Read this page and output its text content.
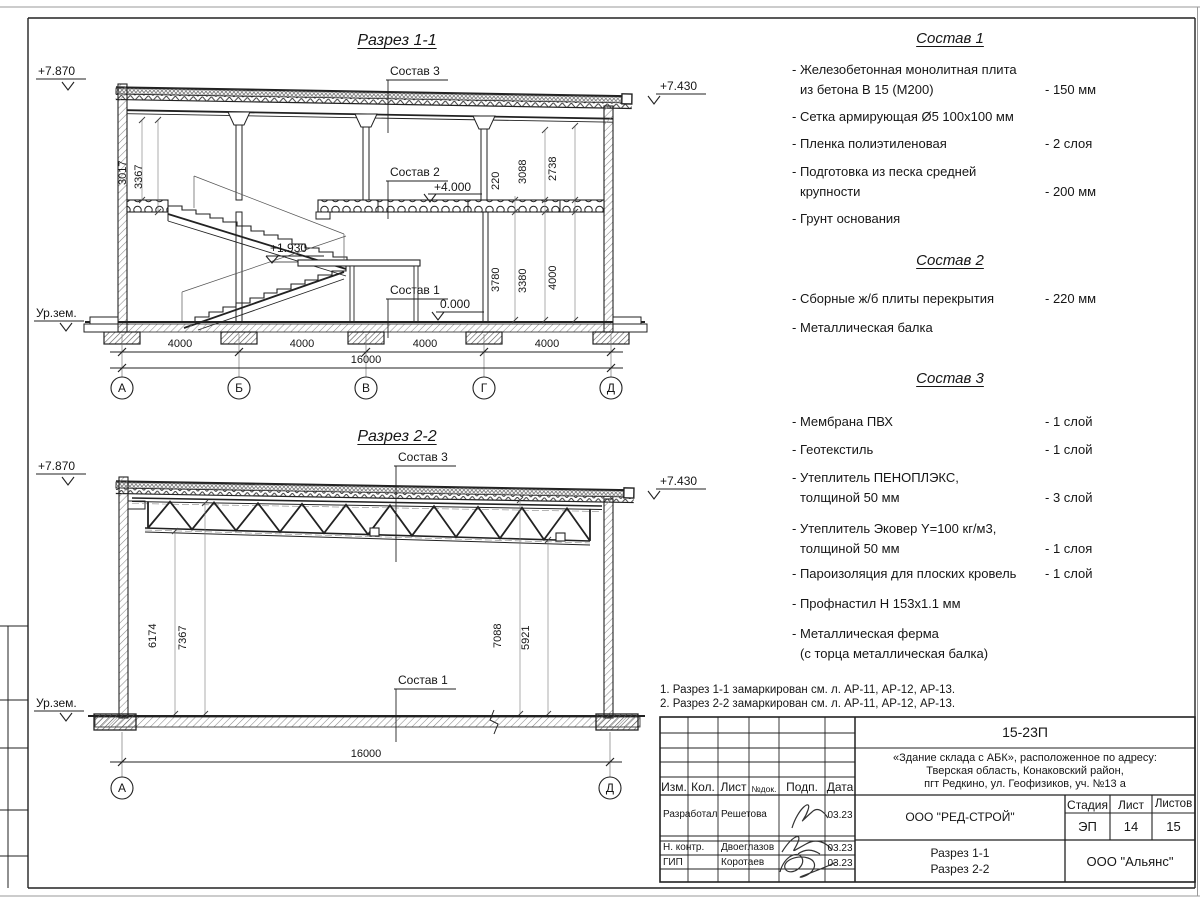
Разрез 1-1
+7.870
+7.430
Состав 3
Состав 2
+4.000
+1.930
Состав 1
0.000
Ур.зем.
3017 3367	220 3088 2738
3780 3380 4000
4000	4000	4000	4000
16000
А	Б	В	Г	Д
Разрез 2-2
+7.870
+7.430
Состав 3
Состав 1
Ур.зем.
6174 7367	7088 5921
16000
А	Д
Состав 1
- Железобетонная монолитная плита
из бетона В 15 (М200)	- 150 мм
- Сетка армирующая Ø5 100х100 мм
- Пленка полиэтиленовая	- 2 слоя
- Подготовка из песка средней
крупности	- 200 мм
- Грунт основания
Состав 2
- Сборные ж/б плиты перекрытия	- 220 мм
- Металлическая балка
Состав 3
- Мембрана ПВХ	- 1 слой
- Геотекстиль	- 1 слой
- Утеплитель ПЕНОПЛЭКС,
толщиной 50 мм	- 3 слой
- Утеплитель Эковер Y=100 кг/м3,
толщиной 50 мм	- 1 слоя
- Пароизоляция для плоских кровель	- 1 слой
- Профнастил Н 153х1.1 мм
- Металлическая ферма
(с торца металлическая балка)
1. Разрез 1-1 замаркирован см. л. АР-11, АР-12, АР-13.
2. Разрез 2-2 замаркирован см. л. АР-11, АР-12, АР-13.
15-23П
«Здание склада с АБК», расположенное по адресу:
Тверская область, Конаковский район,
пгт Редкино, ул. Геофизиков, уч. №13 а
Изм. Кол. Лист №док. Подп. Дата
Разработал Решетова	03.23
Н. контр. Двоеглазов	03.23
ГИП	Коротаев	03.23
ООО "РЕД-СТРОЙ"
Стадия Лист Листов
ЭП	14	15
Разрез 1-1
Разрез 2-2	ООО "Альянс"
